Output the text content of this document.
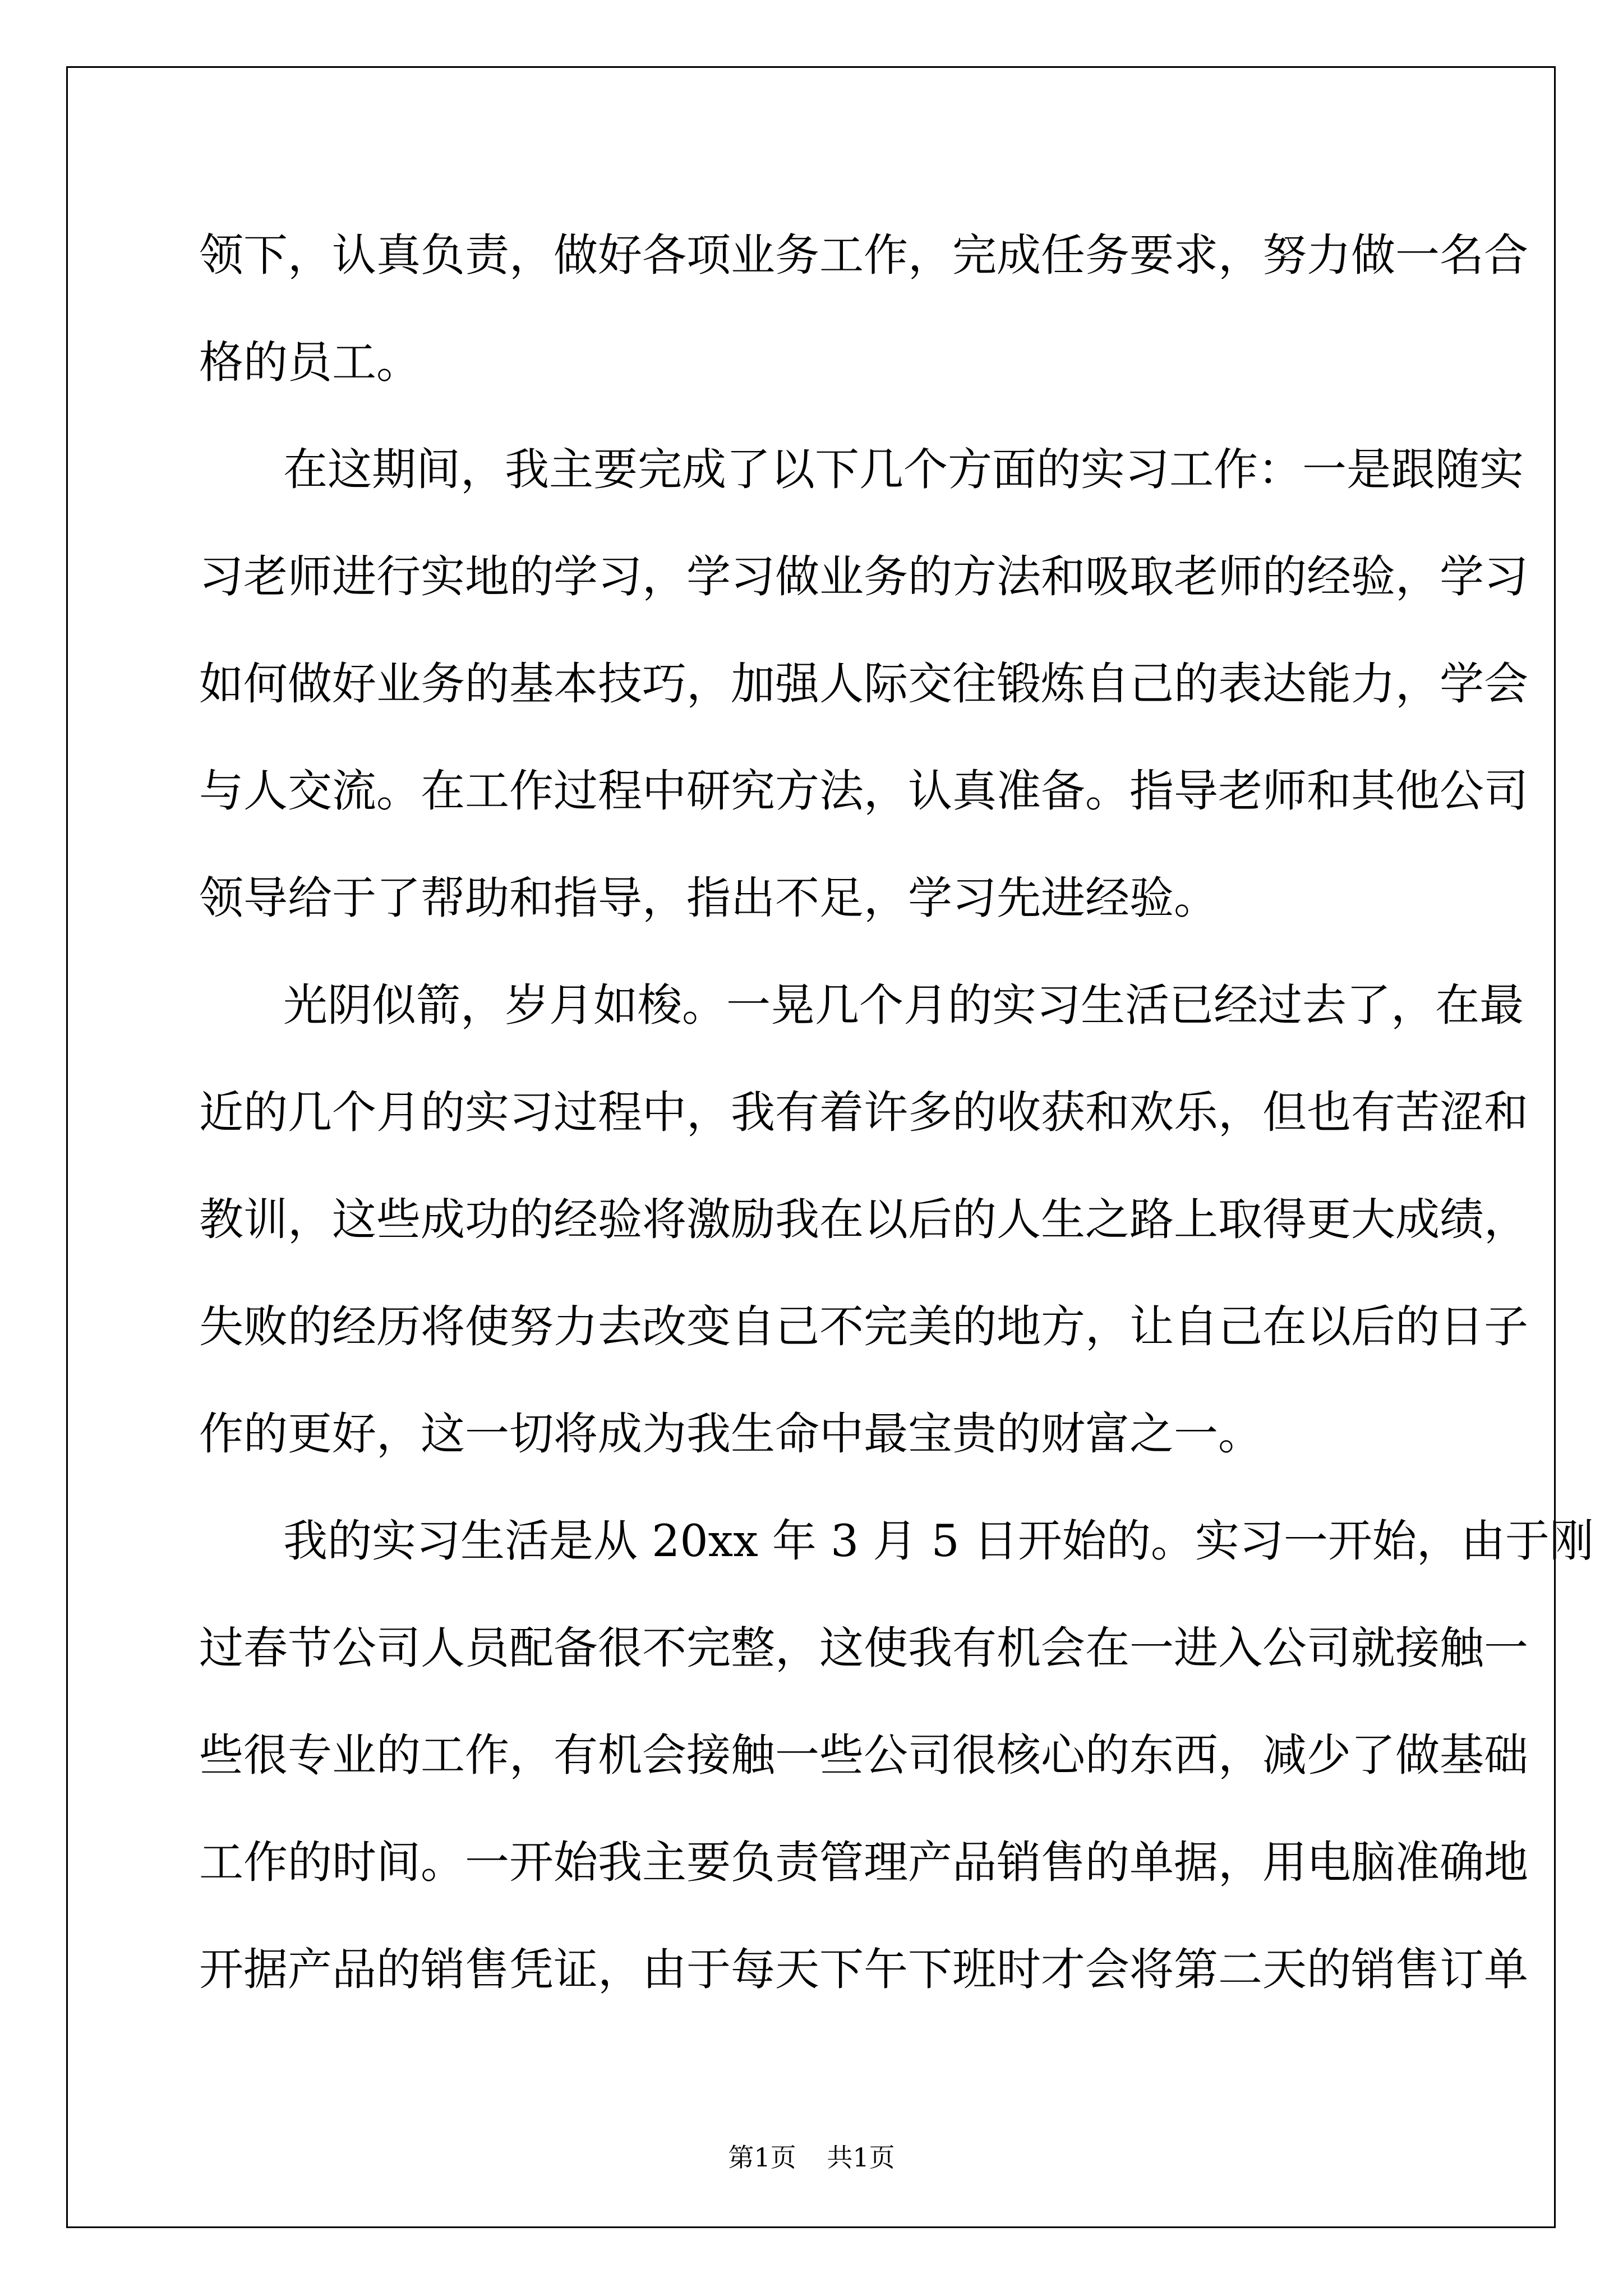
领下，认真负责，做好各项业务工作，完成任务要求，努力做一名合
格的员工。
在这期间，我主要完成了以下几个方面的实习工作：一是跟随实
习老师进行实地的学习，学习做业务的方法和吸取老师的经验，学习
如何做好业务的基本技巧，加强人际交往锻炼自己的表达能力，学会
与人交流。在工作过程中研究方法，认真准备。指导老师和其他公司
领导给于了帮助和指导，指出不足，学习先进经验。
光阴似箭，岁月如梭。一晃几个月的实习生活已经过去了，在最
近的几个月的实习过程中，我有着许多的收获和欢乐，但也有苦涩和
教训，这些成功的经验将激励我在以后的人生之路上取得更大成绩，
失败的经历将使努力去改变自己不完美的地方，让自己在以后的日子
作的更好，这一切将成为我生命中最宝贵的财富之一。
我的实习生活是从 20xx 年 3 月 5 日开始的。实习一开始，由于刚
过春节公司人员配备很不完整，这使我有机会在一进入公司就接触一
些很专业的工作，有机会接触一些公司很核心的东西，减少了做基础
工作的时间。一开始我主要负责管理产品销售的单据，用电脑准确地
开据产品的销售凭证，由于每天下午下班时才会将第二天的销售订单
第1页 共1页
